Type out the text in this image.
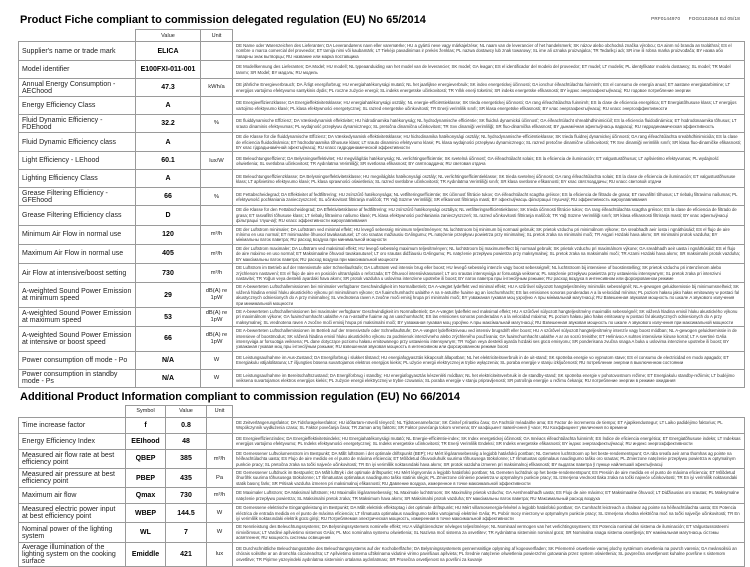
PRF0144970 FOG0102648 Ed 05/18
Product Fiche compliant to commission delegated regulation (EU) No 65/2014
	Value	Unit	
Supplier's name or trade mark	ELICA		DE Name oder Warenzeichen des Lieferanten; DA Leverandørens navn eller varemærke; HU a gyártó neve vagy márkajelzése; NL naam van de leverancier of het handelsmerk; SK názov alebo obchodná značka výrobcu; GA ainm nó branda an tsoláthraí; ES el nombre o marca comercial del proveedor; ET tarnija nimi või kaubamärk; LT Tiekėjo pavadinimas ir prekės ženklas; PL nazwa dostawcy lub znak towarowy; SL ime ali oznaka proizvajalca; TR Tedarikçi adı; SR ime ili robna marka proizvođača; BY назва або таварны знак вытворцы; RU название или марка поставщика
Model identifier	E100FXI-011-001		DE Modellkennung des Lieferanten; DA Model; HU modell; NL typeaanduiding van het model van de leverancier; SK model; GA leagan; ES el identificador del modelo del proveedor; ET mudel; LT modelis; PL identyfikator modelu dostawcy; SL model; TR Model tanımı; SR Model; BY мадэль; RU модель
Annual Energy Consumption - AEChood	47.3	kWh/a	DE jährliche Energieverbrauch; DA Årligt energiforbrug; HU energiahatékonysági mutató; NL het jaarlijkse energieverbruik; SK index energetickej účinnosti; GA ionchur éifeachtúlachta fuinnimh; ES el consumo de energía anual; ET aastane energiatarbimine; LT energijos vartojimo efektyvumo santykinis dydis; PL roczne zużycie energii; SL indeks energetske učinkovitosti; TR Yıllık enerji tüketimi; SR indeks energetske efikasnosti; BY індэкс энергаэфектыўнасці; RU годовое потребление энергии
Energy Efficiency Class	A		DE Energieeffizienzklasse; DA Energieffektivitetsklasse; HU energiahatékonysági osztály; NL energie-efficiëntieklasse; SK trieda energetickej účinnosti; GA rang éifeachtúlachta fuinnimh; ES la clase de eficiencia energética; ET Energiatõhususe klass; LT energijos vartojimo efektyvumo klasė; PL klasa efektywności energetycznej; SL razred energetske učinkovitosti; TR Enerji verimlilik sınıfı; SR klasa energetske efikasnosti; BY клас энергаэфектыўнасці; RU класс энергоэффективности
Fluid Dynamic Efficiency - FDEhood	32.2	%	DE fluiddynamische Effizienz; DA Væskedynamisk effektivitet; HU hidrodinamika hatékonyság; NL hydrodynamische efficiëntie; SK fluidná dynamická účinnosť; GA éifeachtúlacht shreabhdhinimiciúil; ES la eficiencia fluidodinámica; ET hüdrodünaamika tõhusus; LT srauto dinaminis efektyvumas; PL wydajność przepływu dynamicznego; SL pretočna dinamična učinkovitost; TR Sıvı dinamiği verimliliği; SR fluo-dinamička efikasnost; BY дынамічная эфектыўнасць вадкасці; RU гидродинамическая эффективность
Fluid Dynamic Efficiency class	A		DE die Klasse für die fluiddynamische Effizienz; DA Væskedynamisk effektivitetsklasse; HU hidrodinamika hatékonysági osztály; NL hydrodynamische-efficiëntieklasse; SK trieda fluidnej dynamickej účinnosti; GA rang éifeachtúlachta sreabhdhinimiciúla; ES la clase de eficiencia fluidodinámica; ET hüdrodünaamika tõhususe klass; LT srauto dinaminio efektyvumo klasė; PL klasa wydajności przepływu dynamicznego; SL razred pretočne dinamične učinkovitosti; TR Sıvı dinamiği verimlilik sınıfı; SR klasa fluo-dinamičke efikasnosti; BY клас гідрадынамічнай эфектыўнасці; RU класс гидродинамической эффективности
Light Efficiency - LEhood	60.1	lux/W	DE Beleuchtungseffizienz; DA Belysningseffektivitet; HU megvilágítás hatékonyság; NL verlichtingsefficiëntie; SK svetelná účinnosť; GA éifeachtúlacht solais; ES la eficiencia de iluminación; ET valgustustõhusus; LT apšvietimo efektyvumas; PL wydajność oświetlenia; SL svetlobna učinkovitost; TR Aydınlatma Verimliliği; SR svetlosna efikasnost; BY святлоаддача; RU световая отдача
Lighting Efficiency Class	A		DE Beleuchtungseffizienzklasse; DA Belysningseffektivitetsklasse; HU megvilágítás hatékonysági osztály; NL verlichtingsefficiëntieklasse; SK trieda svetelnej účinnosti; GA rang éifeachtúlachta solais; ES la clase de eficiencia de iluminación; ET valgustustõhususe klass; LT apšvietimo efektyvumo klasė; PL klasa sprawności oświetlenia; SL razred svetlobne učinkovitosti; TR Aydınlatma Verimliliği sınıfı; SR klasa svetlosne efikasnosti; BY клас святлоаддачы; RU класс световой отдачи
Grease Filtering Efficiency - GFEhood	66	%	DE Fettabscheidegrad; DA Effektivitet af fedtfiltrering; HU zsírszűrő hatékonysága; NL vetfilteringsefficiëntie; SK účinnosť filtrácie tukov; GA éifeachtúlacht scagtha gréisce; ES la eficiencia de filtrado de grasa; ET rasvafiltri tõhusus; LT riebalų filtravimo našumas; PL efektywność pochłaniania zanieczyszczeń; SL učinkovitost filtriranja maščob; TR Yağ Süzme Verimliliği; SR efikasnost filtriranja masti; BY эфектыўнасць фільтрацыі тлушчаў; RU эффективность жироулавливания
Grease Filtering Efficiency class	D		DE die Klasse für den Fettabscheidegrad; DA Effektivitetsklasse af fedtfiltrering; HU zsírszűrő hatékonysági osztálya; NL vetfilteringsefficiëntieklasse; SK trieda účinnosti filtrácie tukov; GA rang éifeachtúlachta scagtha gréisce; ES la clase de eficiencia de filtrado de grasa; ET rasvafiltri tõhususe klass; LT riebalų filtravimo našumo klasė; PL klasa efektywności pochłaniania zanieczyszczeń; SL razred učinkovitosti filtriranja maščob; TR Yağ Süzme Verimliliği sınıfı; SR klasa efikasnosti filtriranja masti; BY клас эфектыўнасці фільтрацыі тлушчаў; RU класс эффективности жироулавливания
Minimum Air Flow in normal use	120	m³/h	DE der Luftstrom minimaler; DA Luftstrøm ved minimal effekt; HU levegő sebesség minimum teljesítményen; NL luchtstroom bij minimum bij normaal gebruik; SK prietok vzduchu pri minimálnom výkone; GA sreabhadh aeir íosta i ngnáthúsáid; ES el flujo de aire mínimo en uso normal; ET minimaalne õhuvool tavakasutusel; LT oro srautas mažiausiu GAlingumu; PL natężenie przepływu powietrza przy minimalnej; SL pretok zraka na minimalni moči; TR Asgari Hızdaki hava akımı; SR minimalni protok vazduha; BY мінімальны паток паветра; RU расход воздуха при минимальной мощности
Maximum Air Flow in normal use	405	m³/h	DE der Luftstrom maximaler; DA Luftstrøm ved maksimal effekt; HU levegő sebesség maximum teljesítményen; NL luchtstroom bij maximumeffect bij normaal gebruik; SK prietok vzduchu pri maximálnom výkone; GA sreabhadh aeir uasta i ngnáthúsáid; ES el flujo de aire máximo en uso normal; ET Maksimaalne õhuvool tavakasutusel; LT oro srautas didžiausiu GAlingumu; PL natężenie przepływu powietrza przy maksymalnej; SL pretok zraka na maksimalni moči; TR Azami Hızdaki hava akımı; SR maksimalni protok vazduha; BY максімальны паток паветра; RU расход воздуха при максимальной мощности
Air Flow at intensive/boost setting	730	m³/h	DE Luftstrom im Betrieb auf der Intensivstufe oder Schnellaufstufe; DA Luftstrøm ved intensiv brug eller boost; HU levegő sebesség intenzív vagy boost sebességnél; NL luchtstroom bij intensieve of boostinstelling; SK prietok vzduchu pri intenzívnom alebo zrýchlenom nastavení; ES el flujo de aire en posición ultrarrápida o reforzada; ET Õhuvool intensiivkasutusel; LT oro srautas intensyviąja ar forsuotąja veiksena; PL natężenie przepływu powietrza przy ustawieniu intensywnym; SL pretok zraka pri intenzivni nastavitvi; TR Yoğun veya destekli ayardaki hava akımı; SR protok vazduha u uslovima intenzivne upotrebe ili boost; BY паток паветра пры інтэнсіўным рэжыме; RU расход воздуха в интенсивном или форсированном режиме
A-weighted Sound Power Emission at minimum speed	29	dB(A) re 1pW	DE A-bewerteten Luftschallemissionen bei minimaler verfügbarer Geschwindigkeit im Normalbetrieb; DA A-vægtet lydeffekt ved minimal effekt; HU A szűrővel súlyozott hangteljesítmény minimális sebességnél; NL A-gewogen geluidsemissie bij minimumsnelheid; SK vážená hladina emisií hluku akustického výkonu pri minimálnom výkone; GA fuaimchumhacht ualaithe A na n-astuithe fuaime ag an íoschumhacht; ES las emisiones sonoras ponderadas A a la velocidad mínima; PL poziom hałasu jako hałas emitowany w postaci fal akustycznych odniesionych do A przy minimalnej; SL vrednotena raven A zvočne moči emisij hrupa pri minimalni moči; BY узважаная гукавая моц узроўню A пры мінімальнай магутнасці; RU Взвешенная звуковая мощность по шкале A звукового излучения при минимальной мощности
A-weighted Sound Power Emission at maximum speed	53	dB(A) re 1pW	DE A-bewerteten Luftschallemissionen bei maximaler verfügbarer Geschwindigkeit im Normalbetrieb; DA A-vægtet lydeffekt ved maksimal effekt; HU A szűrővel súlyozott hangteljesítmény maximális sebességnél; SK vážená hladina emisií hluku akustického výkonu pri maximálnom výkone; GA fuaimchumhacht ualaithe A na n-astuithe fuaime ag an uaschumhacht; ES las emisiones sonoras ponderadas A a la velocidad máxima; PL poziom hałasu jako hałas emitowany w postaci fal akustycznych odniesionych do A przy maksymalnej; SL vrednotena raven A zvočne moči emisij hrupa pri maksimalni moči; BY узважаная гукавая моц узроўню A пры максімальнай магутнасці; RU Взвешенная звуковая мощность по шкале A звукового излучения при максимальной мощности
A-weighted Sound Power Emission at intensive or boost speed	66	dB(A) re 1pW	DE A-bewerteten Luftschallemissionen im Betrieb auf der Intensivstufe oder Schnellaufstufe; DA A-vægtet lydeffektniveau ved intensiv brugsdrift eller boost; HU A szűrővel súlyozott hangteljesítmény intenzív vagy boost módban; NL A-gewogen geluidsemissie in de intensieve of boostmodus; SK vážená hladina emisií hluku akustického výkonu za podmienok intenzívneho alebo zrýchleného používania; GA fuaimchumhacht ualaithe A ar an socrú treisithe; ET Helinivoo A suhtes intensiivse kiiruse korral; LT A svertinė GAlia intensyviąja ar forsuotąja veiksena; PL dane dotyczące poziomu hałasu emitowanego przy ustawieniu intensywnym; TR Yoğun veya destekli ayarda hızdaki ses gücü emisyonu; SR ponderisana zvučna snaga A buka u uslovima intenzivne upotrebe ili boost; BY узважаная гукавая моц пры інтэнсіўным рэжыме; RU взвешенная звуковая мощность в интенсивном или форсированном режиме boost
Power consumption off mode - Po	N/A	W	DE Leistungsaufnahme im Aus-Zustand; DA Energiforbrug i slukket tilstand; HU energiafogyasztás kikapcsolt állapotban; NL het elektriciteitsverbruik in de uit-stand; SK spotreba energie vo vypnutom stave; ES el consumo de electricidad en modo apagado; ET Energiakulu väljalülitatuna; LT išjungties būsena suvartojamos elektros energijos kiekis; PL użycie energii elektrycznej w trybie wyłączenia; SL poraba energije v stanju izključenosti; RU потребление энергии в выключенном состоянии
Power consumption in standby mode - Ps	N/A	W	DE Leistungsaufnahme im Bereitschaftszustand; DA Energiforbrug i standby; HU energiafogyasztás készenléti módban; NL het elektriciteitsverbruik in de standby-stand; SK spotreba energie v pohotovostnom režime; ET Energiakulu standby-režiimis; LT budėjimo veiksena suvartojamos elektros energijos kiekis; PL zużycie energii elektrycznej w trybie czuwania; SL poraba energije v stanju pripravljenosti; SR potrošnja energije u režimu čekanja; RU потребление энергии в режиме ожидания
Additional Product Information compliant to commission regulation (EU) No 66/2014
	Symbol	Value	Unit	
Time increase factor	f	0.8		DE Zeitverlängerungsfaktor; DA Tidsforøgelsesfaktor; HU időtartam-növelő tényező; NL Tijdstoenamefactor; SK Činiteľ prírastku času; GA Fachtóir méadaithe ama; ES Factor de incremento de tiempo; ET Ajapikendustegur; LT Laiko padidėjimo faktorius; PL Współczynnik wydłużenia czasu; SL Faktor povečanja časa; TR Zaman artış faktörü; SR Faktor povećanja tokom vremena; BY каэфіцыент павелічэння ў часе; RU Коэффициент увеличения по времени
Energy Efficiency Index	EEIhood	48		DE Energieeffizienzindex; DA Energieffektivitetsindeks; HU Energiahatékonysági mutató; NL Energie-efficiëntie-index; SK Index energetickej účinnosti; GA Innéacs éifeachtúlachta fuinnimh; ES Índice de eficiencia energética; ET Energiatõhususe indeks; LT Indeksas energijos vartojimo efektyvumo; PL Indeks efektywności energetycznej; SL Indeks energetske učinkovitosti; TR Enerji Verimlilik Endeksi; SR Indeks energetske efikasnosti; BY індэкс энергаэфектыўнасці; RU индекс энергоэффективности
Measured air flow rate at best efficiency point	QBEP	385	m³/h	DE Gemessener Luftvolumenstrom im Bestpunkt; DA Målt luftstrøm i det optimale driftspunkt (BEP); HU Mért légáramsebesség a legjobb hatásfokú pontban; NL Gemeten luchtstroom op het beste-rendementspunt; GA ráta sreafa aeir arna thomhas ag pointe na héifeachtúlachta uasta; ES Flujo de aire medido en el punto de máxima eficiencia; ET Mõõdetud õhuvooluhulk suurima tõhususega töökolonne; LT Išmatuotas optimalaus naudingumo taško oro srautas; PL Zmierzone natężenie przepływu powietrza w optymalnym punkcie pracy; SL pretočna zraka na točki najveće učinkovitosti; TR En iyi verimlilik noktasındaki hava akımı; SR protok vazduha izmeren pri maksimalnoj efikasnosti; BY выдатак паветра ў пункце найлепшай эфектыўнасці
Measured air pressure at best efficiency point	PBEP	435	Pa	DE Gemessener Luftdruck im Bestpunkt; DA Målt lufttryk i det optimale driftspunkt; HU Mért légnyomás a legjobb hatásfokú pontban; NL Gemeten luchtdruk op het beste-rendementspunt; ES Presión de aire medida en el punto de máxima eficiencia; ET Mõõdetud õhurõhk suurima tõhususega töökolonne; LT Išmatuotas optimalaus naudingumo taško statinis slėgis; PL Zmierzone ciśnienie powietrza w optymalnym punkcie pracy; SL Izmerjena vrednost tlaka zraka na točki najveće učinkovitosti; TR En iyi verimlilik noktasındaki statik basınç farkı; SR Pritisak vazduha izmeren pri maksimalnoj efikasnosti; RU Давление воздуха, измеренное в точке максимальной эффективности
Maximum air flow	Qmax	730	m³/h	DE Maximaler Luftstrom; DA Maksimal luftstrøm; HU Maximális légáramsebesség; NL Maximale luchtstroom; SK Maximálny prietok vzduchu; GA Aershreabhadh uasta; ES Flujo de aire máximo; ET Maksimaalne õhuvool; LT Didžiausias oro srautas; PL Maksymalne natężenie przepływu powietrza; SL Maksimalni pretok zraka; TR Maksimum hava akımı; SR Maksimalni protok vazduha; BY максімальны паток паветра; RU Максимальный расход воздуха
Measured electric power input at best efficiency point	WBEP	144.5	W	DE Gemessene elektrische Eingangsleistung im Bestpunkt; DA Målt elektrisk effektoptag i det optimale driftspunkt; HU Mért villamosenergia-felvétel a legjobb hatásfokú pontban; GA Cumhacht leictreach a chaitear ag pointe na héifeachtúlachta uasta; ES Potencia eléctrica de entrada medida en el punto de máxima eficiencia; LT Išmatuota optimalaus naudingumo taško vartojamoji elektrinė GAlia; PL Pobór mocy mierzony w optymalnym punkcie pracy; SL Izmerjena vhodna električna moč na točki največje učinkovitosti; TR En iyi verimlilik noktasındaki elektrik gücü girişi; RU Потребляемая электрическая мощность, измеренная в точке максимальной эффективности
Nominal power of the lighting system	WL	7	W	DE Nennleistung des Beleuchtungssystems; DA Belysningssystemets nominelle effekt; HU A világítórendszer névleges teljesítménye; NL Nominaal vermogen van het verlichtingssysteem; ES Potencia nominal del sistema de iluminación; ET Valgustussüsteemi nimivõimsus; LT Vardinė apšvietimo sistemos GAlia; PL Moc nominalna systemu oświetlenia; SL Nazivna moč sistema za osvetlitev; TR Aydınlatma sisteminin nominal gücü; SR Nominalna snaga sistema osvetljenja; BY намінальная магутнасць сістэмы асвятлення; RU мощность системы освещения
Average illumination of the lighting system on the cooking surface	Emiddle	421	lux	DE Durchschnittliche Beleuchtungsstärke des Beleuchtungssystems auf der Kochoberfläche; DA Belysningssystemets gennemsnitlige oplysning af kogeoverfladen; SK Priemerné osvetlenie varnej plochy systémom osvetlenia na povrch varenia; GA meánsoilsiú an chórais soilsithe ar an dromchla cócaireachta; LT Apšvietimo sistema užtikrinama vidutinė virimo paviršiaus apšvieta; PL Średnie natężenie oświetlenia powierzchni gotowania przez system oświetlenia; SL povprečna osvetljenost kuhalne površine s sistemom osvetlitve; TR Pişirme yüzeyindeki aydınlatma sisteminin ortalama aydınlatması; SR Prosečna osvetljenost na površini za kuvanje
